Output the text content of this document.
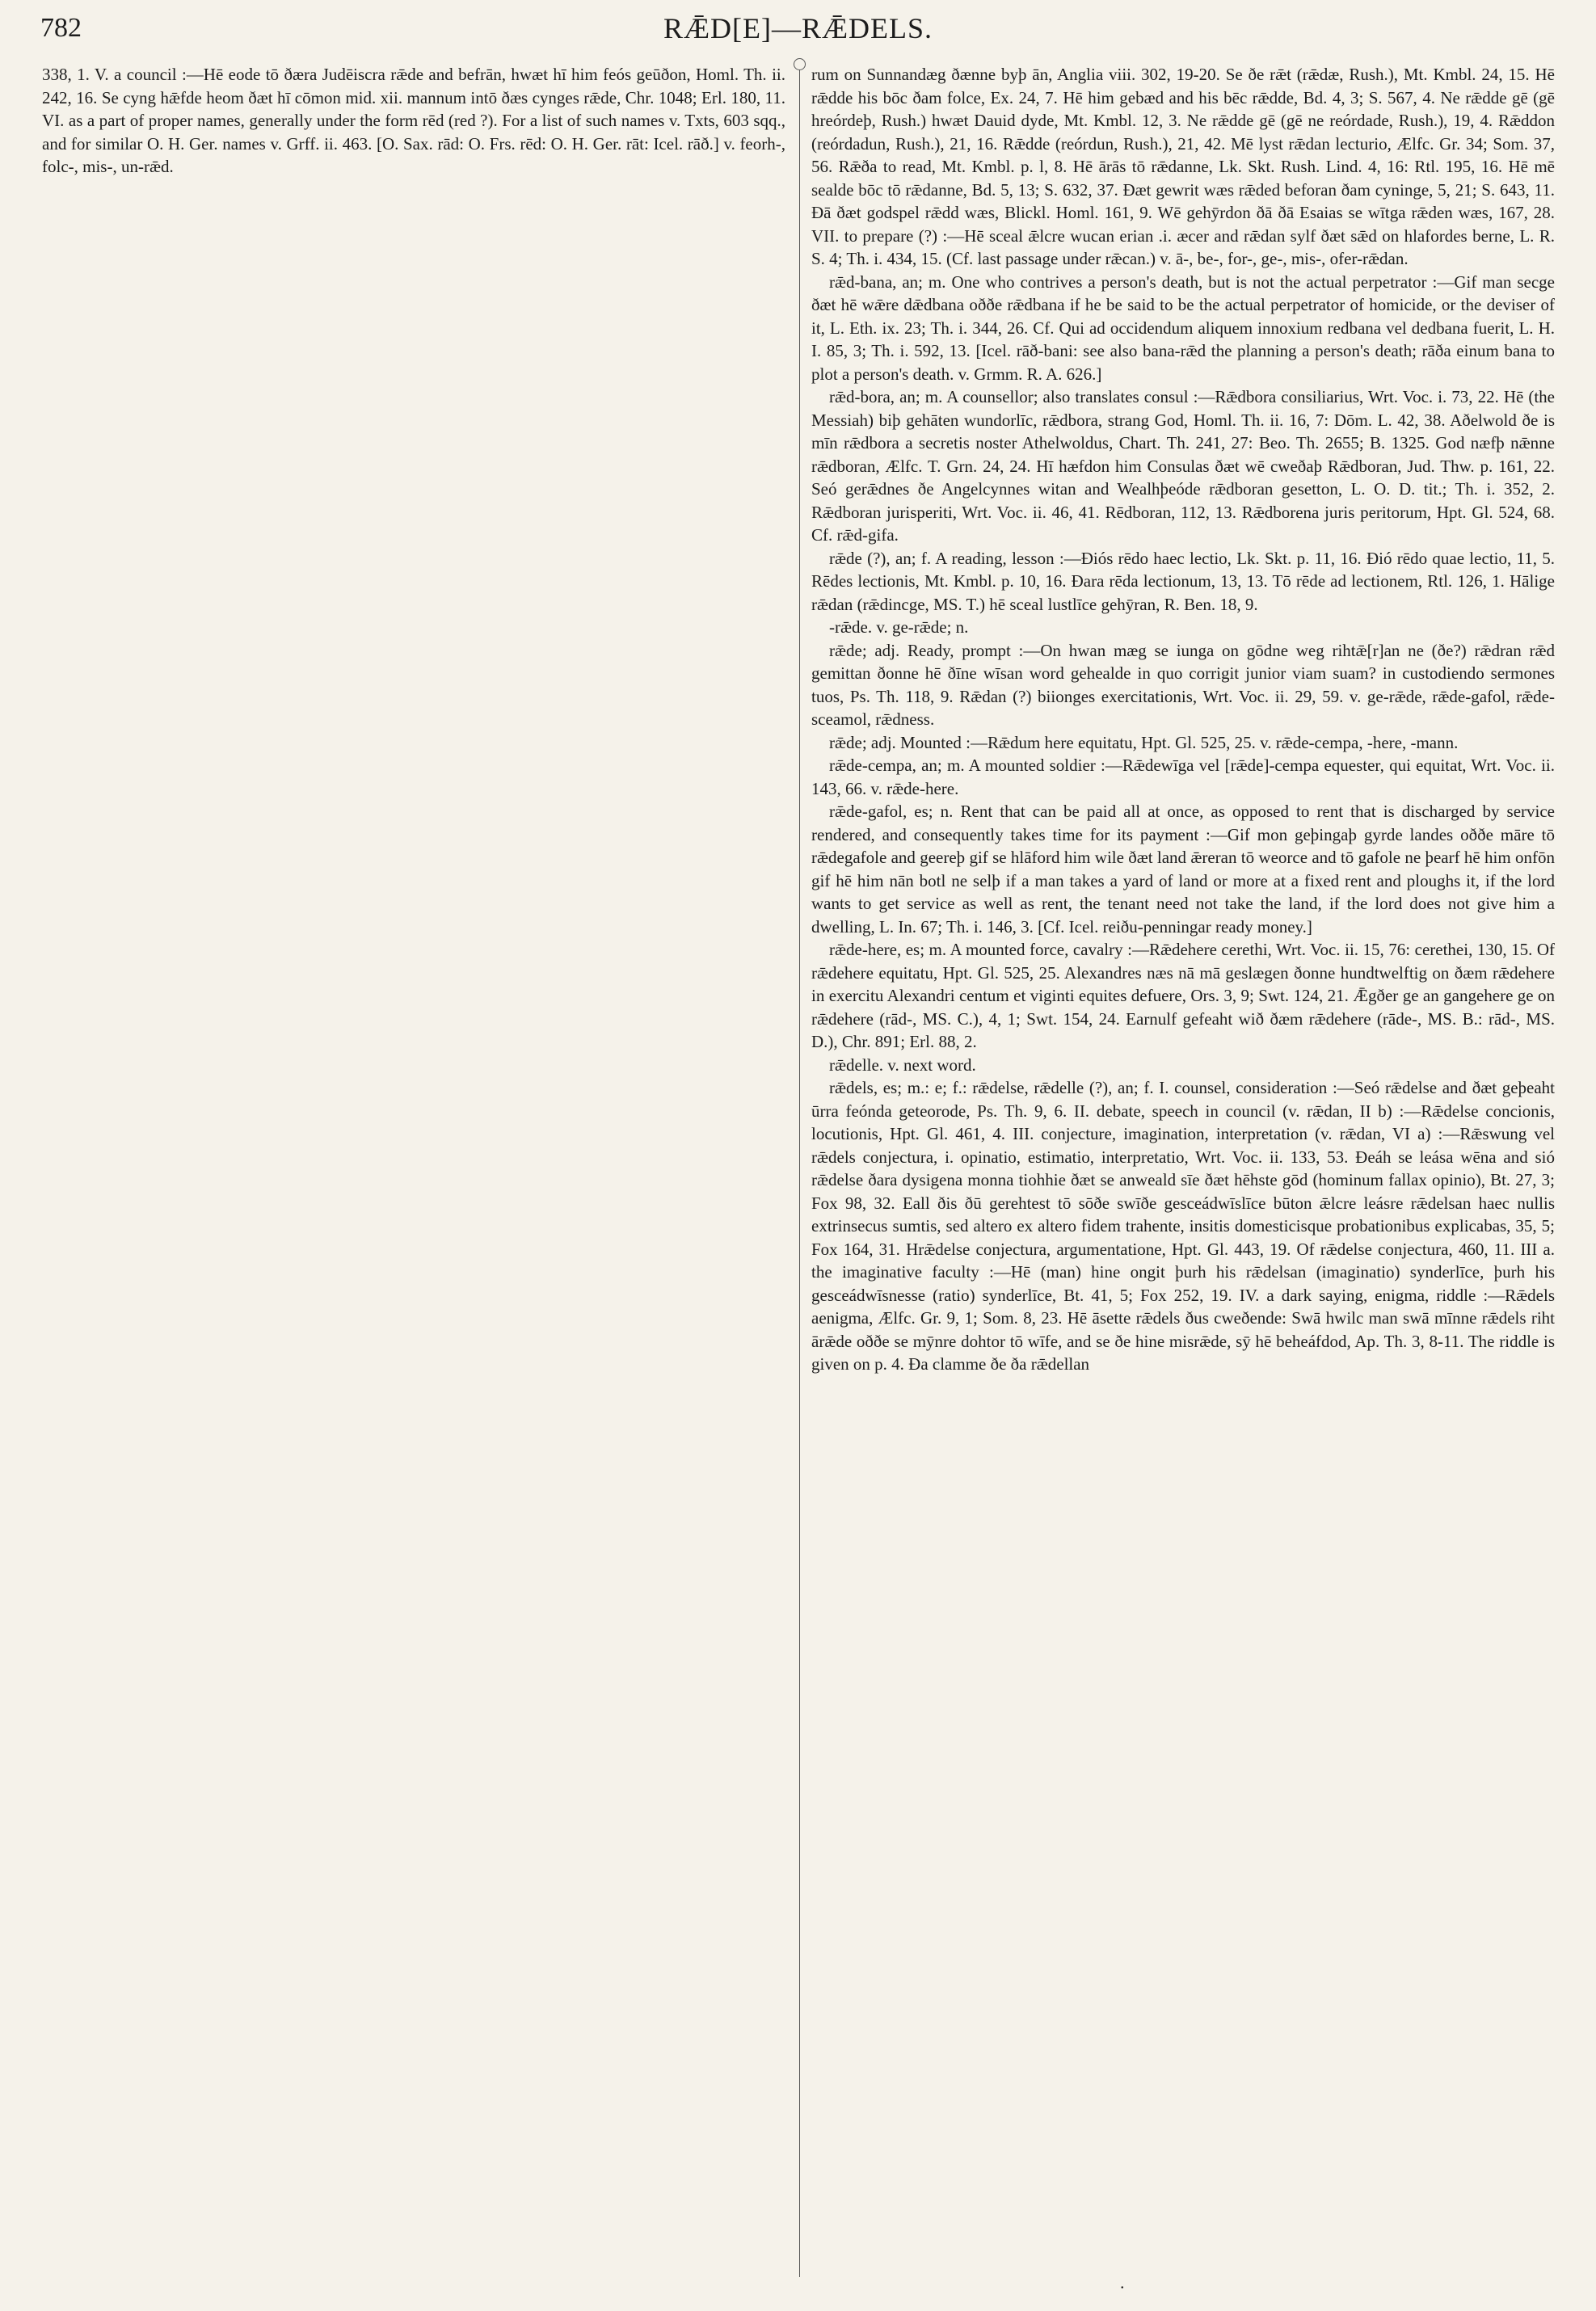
782	RǢD[E]—RǢDELS.

338, 1. V. a council :—Hē eode tō ðæra Judēiscra rǣde and befrān, hwæt hī him feós geūðon, Homl. Th. ii. 242, 16. Se cyng hǣfde heom ðæt hī cōmon mid. xii. mannum intō ðæs cynges rǣde, Chr. 1048; Erl. 180, 11. VI. as a part of proper names, generally under the form rēd (red ?). For a list of such names v. Txts, 603 sqq., and for similar O. H. Ger. names v. Grff. ii. 463. [O. Sax. rād: O. Frs. rēd: O. H. Ger. rāt: Icel. rāð.] v. feorh-, folc-, mis-, un-rǣd.

rum on Sunnandæg ðænne byþ ān, Anglia viii. 302, 19-20. Se ðe rǣt (rǣdæ, Rush.), Mt. Kmbl. 24, 15. Hē rǣdde his bōc ðam folce, Ex. 24, 7. Hē him gebæd and his bēc rǣdde, Bd. 4, 3; S. 567, 4. Ne rǣdde gē (gē hreórdeþ, Rush.) hwæt Dauid dyde, Mt. Kmbl. 12, 3. Ne rǣdde gē (gē ne reórdade, Rush.), 19, 4. Rǣddon (reórdadun, Rush.), 21, 16. Rǣdde (reórdun, Rush.), 21, 42. Mē lyst rǣdan lecturio, Ælfc. Gr. 34; Som. 37, 56. Rǣða to read, Mt. Kmbl. p. l, 8. Hē ārās tō rǣdanne, Lk. Skt. Rush. Lind. 4, 16: Rtl. 195, 16. Hē mē sealde bōc tō rǣdanne, Bd. 5, 13; S. 632, 37. Ðæt gewrit wæs rǣded beforan ðam cyninge, 5, 21; S. 643, 11. Ðā ðæt godspel rǣdd wæs, Blickl. Homl. 161, 9. Wē gehȳrdon ðā ðā Esaias se wītga rǣden wæs, 167, 28. VII. to prepare (?) :—Hē sceal ǣlcre wucan erian .i. æcer and rǣdan sylf ðæt sǣd on hlafordes berne, L. R. S. 4; Th. i. 434, 15. (Cf. last passage under rǣcan.) v. ā-, be-, for-, ge-, mis-, ofer-rǣdan.

rǣd-bana, an; m. One who contrives a person's death, but is not the actual perpetrator :—Gif man secge ðæt hē wǣre dǣdbana oððe rǣdbana if he be said to be the actual perpetrator of homicide, or the deviser of it, L. Eth. ix. 23; Th. i. 344, 26. Cf. Qui ad occidendum aliquem innoxium redbana vel dedbana fuerit, L. H. I. 85, 3; Th. i. 592, 13. [Icel. rāð-bani: see also bana-rǣd the planning a person's death; rāða einum bana to plot a person's death. v. Grmm. R. A. 626.]

rǣd-bora, an; m. A counsellor; also translates consul :—Rǣdbora consiliarius, Wrt. Voc. i. 73, 22. Hē (the Messiah) biþ gehāten wundorlīc, rǣdbora, strang God, Homl. Th. ii. 16, 7: Dōm. L. 42, 38. Aðelwold ðe is mīn rǣdbora a secretis noster Athelwoldus, Chart. Th. 241, 27: Beo. Th. 2655; B. 1325. God næfþ nǣnne rǣdboran, Ælfc. T. Grn. 24, 24. Hī hæfdon him Consulas ðæt wē cweðaþ Rǣdboran, Jud. Thw. p. 161, 22. Seó gerǣdnes ðe Angelcynnes witan and Wealhþeóde rǣdboran gesetton, L. O. D. tit.; Th. i. 352, 2. Rǣdboran jurisperiti, Wrt. Voc. ii. 46, 41. Rēdboran, 112, 13. Rǣdborena juris peritorum, Hpt. Gl. 524, 68. Cf. rǣd-gifa.

rǣde (?), an; f. A reading, lesson :—Ðiós rēdo haec lectio, Lk. Skt. p. 11, 16. Ðió rēdo quae lectio, 11, 5. Rēdes lectionis, Mt. Kmbl. p. 10, 16. Ðara rēda lectionum, 13, 13. Tō rēde ad lectionem, Rtl. 126, 1. Hālige rǣdan (rǣdincge, MS. T.) hē sceal lustlīce gehȳran, R. Ben. 18, 9.

-rǣde. v. ge-rǣde; n.

rǣde; adj. Ready, prompt :—On hwan mæg se iunga on gōdne weg rihtǣ[r]an ne (ðe?) rǣdran rǣd gemittan ðonne hē ðīne wīsan word gehealde in quo corrigit junior viam suam? in custodiendo sermones tuos, Ps. Th. 118, 9. Rǣdan (?) biionges exercitationis, Wrt. Voc. ii. 29, 59. v. ge-rǣde, rǣde-gafol, rǣde-sceamol, rǣdness.

rǣde; adj. Mounted :—Rǣdum here equitatu, Hpt. Gl. 525, 25. v. rǣde-cempa, -here, -mann.

rǣde-cempa, an; m. A mounted soldier :—Rǣdewīga vel [rǣde]-cempa equester, qui equitat, Wrt. Voc. ii. 143, 66. v. rǣde-here.

rǣde-gafol, es; n. Rent that can be paid all at once, as opposed to rent that is discharged by service rendered, and consequently takes time for its payment :—Gif mon geþingaþ gyrde landes oððe māre tō rǣdegafole and geereþ gif se hlāford him wile ðæt land ǣreran tō weorce and tō gafole ne þearf hē him onfōn gif hē him nān botl ne selþ if a man takes a yard of land or more at a fixed rent and ploughs it, if the lord wants to get service as well as rent, the tenant need not take the land, if the lord does not give him a dwelling, L. In. 67; Th. i. 146, 3. [Cf. Icel. reiðu-penningar ready money.]

rǣde-here, es; m. A mounted force, cavalry :—Rǣdehere cerethi, Wrt. Voc. ii. 15, 76: cerethei, 130, 15. Of rǣdehere equitatu, Hpt. Gl. 525, 25. Alexandres næs nā mā geslægen ðonne hundtwelftig on ðæm rǣdehere in exercitu Alexandri centum et viginti equites defuere, Ors. 3, 9; Swt. 124, 21. Ǣgðer ge an gangehere ge on rǣdehere (rād-, MS. C.), 4, 1; Swt. 154, 24. Earnulf gefeaht wið ðæm rǣdehere (rāde-, MS. B.: rād-, MS. D.), Chr. 891; Erl. 88, 2.

rǣdelle. v. next word.

rǣdels, es; m.: e; f.: rǣdelse, rǣdelle (?), an; f. I. counsel, consideration :—Seó rǣdelse and ðæt geþeaht ūrra feónda geteorode, Ps. Th. 9, 6. II. debate, speech in council (v. rǣdan, II b) :—Rǣdelse concionis, locutionis, Hpt. Gl. 461, 4. III. conjecture, imagination, interpretation (v. rǣdan, VI a) :—Rǣswung vel rǣdels conjectura, i. opinatio, estimatio, interpretatio, Wrt. Voc. ii. 133, 53. Ðeáh se leása wēna and sió rǣdelse ðara dysigena monna tiohhie ðæt se anweald sīe ðæt hēhste gōd (hominum fallax opinio), Bt. 27, 3; Fox 98, 32. Eall ðis ðū gerehtest tō sōðe swīðe gesceádwīslīce būton ǣlcre leásre rǣdelsan haec nullis extrinsecus sumtis, sed altero ex altero fidem trahente, insitis domesticisque probationibus explicabas, 35, 5; Fox 164, 31. Hrǣdelse conjectura, argumentatione, Hpt. Gl. 443, 19. Of rǣdelse conjectura, 460, 11. III a. the imaginative faculty :—Hē (man) hine ongit þurh his rǣdelsan (imaginatio) synderlīce, þurh his gesceádwīsnesse (ratio) synderlīce, Bt. 41, 5; Fox 252, 19. IV. a dark saying, enigma, riddle :—Rǣdels aenigma, Ælfc. Gr. 9, 1; Som. 8, 23. Hē āsette rǣdels ðus cweðende: Swā hwilc man swā mīnne rǣdels riht ārǣde oððe se mȳnre dohtor tō wīfe, and se ðe hine misrǣde, sȳ hē beheáfdod, Ap. Th. 3, 8-11. The riddle is given on p. 4. Ða clamme ðe ða rǣdellan

.
